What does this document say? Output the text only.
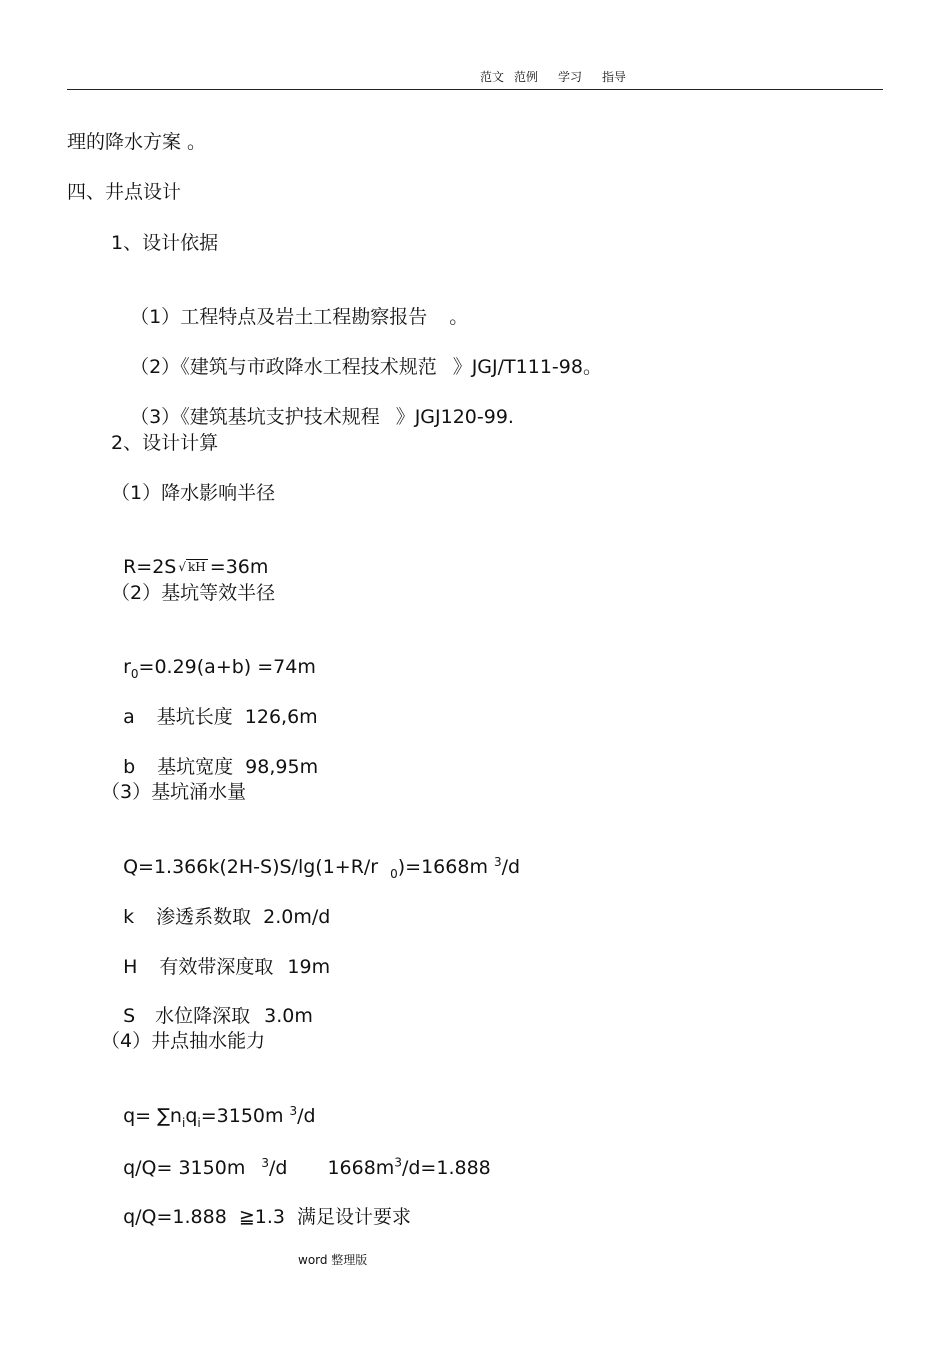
范文 范例 学习 指导
理的降水方案 。
四、井点设计
1、设计依据

（1）工程特点及岩土工程勘察报告 。

（2）《建筑与市政降水工程技术规范 》JGJ/T111-98。

（3）《建筑基坑支护技术规程 》JGJ120-99.

2、设计计算
（1）降水影响半径

R=2S √ kH =36m

（2）基坑等效半径

$r_0=0.29(a+b) =74m$

a 基坑长度 126,6m

b 基坑宽度 98,95m

（3）基坑涌水量

Q=1.366k(2H-S)S/lg(1+R/r $_0$)=1668m $^3$/d

k 渗透系数取 2.0m/d

H 有效带深度取 19m

S 水位降深取 3.0m

（4）井点抽水能力

$q= \sum n_iq_i=3150m$ $^3$/d

q/Q= 3150m $^3$/d $1668m^3/d=1.888$

q/Q=1.888 ≧1.3 满足设计要求

word 整理版
